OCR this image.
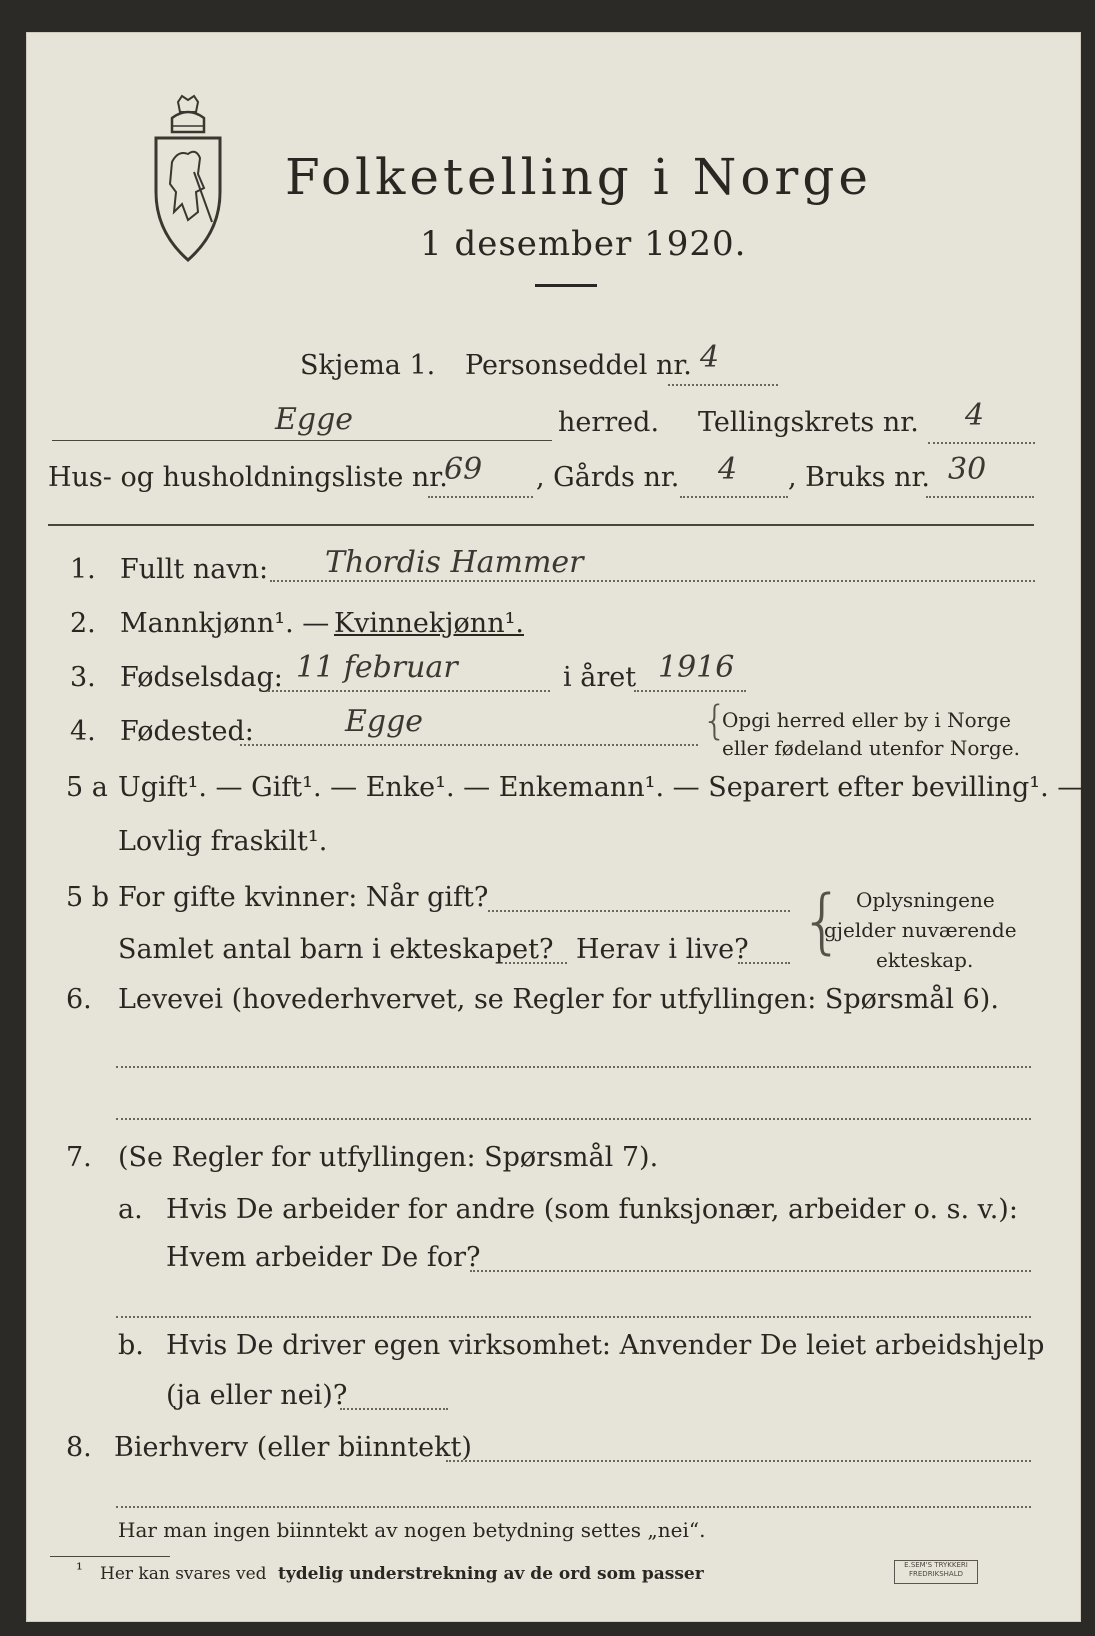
Folketelling i Norge
1 desember 1920.
Skjema 1. Personseddel nr. 4
Egge	herred. Tellingskrets nr. 4
Hus- og husholdningsliste nr.
69 , Gårds nr. 4 , Bruks nr. 30
1. Fullt navn: Thordis Hammer
2. Mannkjønn¹. — Kvinnekjønn¹.
3. Fødselsdag: 11 februar	i året 1916
4. Fødested:	Egge	{
Opgi herred eller by i Norge
eller fødeland utenfor Norge.
5 a Ugift¹. — Gift¹. — Enke¹. — Enkemann¹. — Separert efter bevilling¹. —
Lovlig fraskilt¹.
5 b For gifte kvinner: Når gift?
Samlet antal barn i ekteskapet? Herav i live? { Oplysningene
gjelder nuværende
ekteskap.
6. Levevei (hovederhvervet, se Regler for utfyllingen: Spørsmål 6).
7. (Se Regler for utfyllingen: Spørsmål 7).
a. Hvis De arbeider for andre (som funksjonær, arbeider o. s. v.):
Hvem arbeider De for?
b. Hvis De driver egen virksomhet: Anvender De leiet arbeidshjelp
(ja eller nei)?
8. Bierhverv (eller biinntekt)
Har man ingen biinntekt av nogen betydning settes „nei“.
¹ Her kan svares ved tydelig understrekning av de ord som passer	E.SEM'S TRYKKERI
FREDRIKSHALD
